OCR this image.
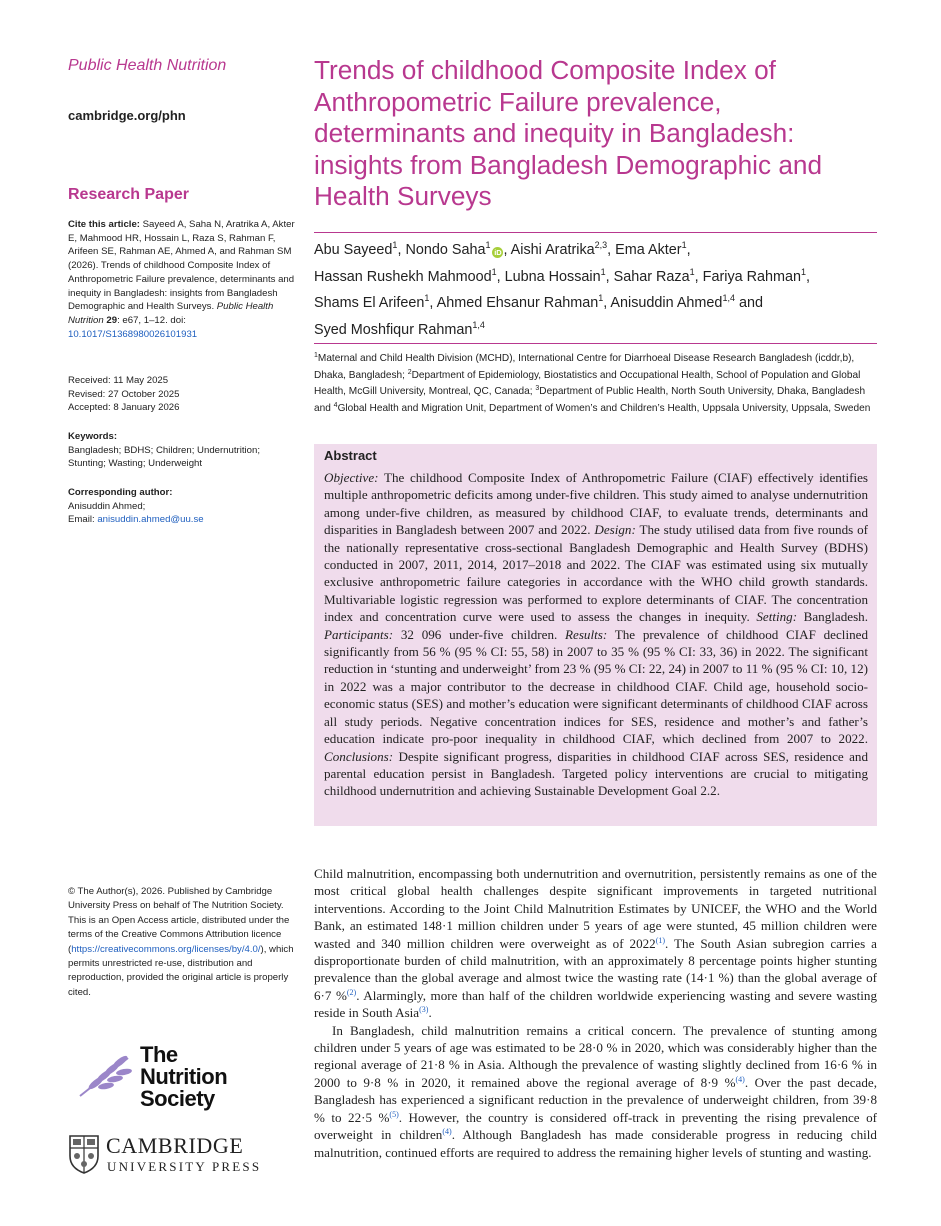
Public Health Nutrition
cambridge.org/phn
Research Paper
Cite this article: Sayeed A, Saha N, Aratrika A, Akter E, Mahmood HR, Hossain L, Raza S, Rahman F, Arifeen SE, Rahman AE, Ahmed A, and Rahman SM (2026). Trends of childhood Composite Index of Anthropometric Failure prevalence, determinants and inequity in Bangladesh: insights from Bangladesh Demographic and Health Surveys. Public Health Nutrition 29: e67, 1–12. doi: 10.1017/S1368980026101931
Received: 11 May 2025
Revised: 27 October 2025
Accepted: 8 January 2026
Keywords:
Bangladesh; BDHS; Children; Undernutrition; Stunting; Wasting; Underweight
Corresponding author:
Anisuddin Ahmed;
Email: anisuddin.ahmed@uu.se
Trends of childhood Composite Index of Anthropometric Failure prevalence, determinants and inequity in Bangladesh: insights from Bangladesh Demographic and Health Surveys
Abu Sayeed$^1$, Nondo Saha$^1$iD , Aishi Aratrika$^{2,3}$, Ema Akter$^1$,
Hassan Rushekh Mahmood$^1$, Lubna Hossain$^1$, Sahar Raza$^1$, Fariya Rahman$^1$,
Shams El Arifeen$^1$, Ahmed Ehsanur Rahman$^1$, Anisuddin Ahmed$^{1,4}$ and
Syed Moshfiqur Rahman$^{1,4}$
$^1$Maternal and Child Health Division (MCHD), International Centre for Diarrhoeal Disease Research Bangladesh (icddr,b), Dhaka, Bangladesh; $^2$Department of Epidemiology, Biostatistics and Occupational Health, School of Population and Global Health, McGill University, Montreal, QC, Canada; $^3$Department of Public Health, North South University, Dhaka, Bangladesh and $^4$Global Health and Migration Unit, Department of Women’s and Children’s Health, Uppsala University, Uppsala, Sweden
Abstract
Objective: The childhood Composite Index of Anthropometric Failure (CIAF) effectively identifies multiple anthropometric deficits among under-five children. This study aimed to analyse undernutrition among under-five children, as measured by childhood CIAF, to evaluate trends, determinants and disparities in Bangladesh between 2007 and 2022. Design: The study utilised data from five rounds of the nationally representative cross-sectional Bangladesh Demographic and Health Survey (BDHS) conducted in 2007, 2011, 2014, 2017–2018 and 2022. The CIAF was estimated using six mutually exclusive anthropometric failure categories in accordance with the WHO child growth standards. Multivariable logistic regression was performed to explore determinants of CIAF. The concentration index and concentration curve were used to assess the changes in inequity. Setting: Bangladesh. Participants: 32 096 under-five children. Results: The prevalence of childhood CIAF declined significantly from 56 % (95 % CI: 55, 58) in 2007 to 35 % (95 % CI: 33, 36) in 2022. The significant reduction in ‘stunting and underweight’ from 23 % (95 % CI: 22, 24) in 2007 to 11 % (95 % CI: 10, 12) in 2022 was a major contributor to the decrease in childhood CIAF. Child age, household socio-economic status (SES) and mother’s education were significant determinants of childhood CIAF across all study periods. Negative concentration indices for SES, residence and mother’s and father’s education indicate pro-poor inequality in childhood CIAF, which declined from 2007 to 2022. Conclusions: Despite significant progress, disparities in childhood CIAF across SES, residence and parental education persist in Bangladesh. Targeted policy interventions are crucial to mitigating childhood undernutrition and achieving Sustainable Development Goal 2.2.

Child malnutrition, encompassing both undernutrition and overnutrition, persistently remains as one of the most critical global health challenges despite significant improvements in targeted nutritional interventions. According to the Joint Child Malnutrition Estimates by UNICEF, the WHO and the World Bank, an estimated 148·1 million children under 5 years of age were stunted, 45 million children were wasted and 340 million children were overweight as of 2022$^{(1)}$. The South Asian subregion carries a disproportionate burden of child malnutrition, with an approximately 8 percentage points higher stunting prevalence than the global average and almost twice the wasting rate (14·1 %) than the global average of 6·7 %$^{(2)}$. Alarmingly, more than half of the children worldwide experiencing wasting and severe wasting reside in South Asia$^{(3)}$.

In Bangladesh, child malnutrition remains a critical concern. The prevalence of stunting among children under 5 years of age was estimated to be 28·0 % in 2020, which was considerably higher than the regional average of 21·8 % in Asia. Although the prevalence of wasting slightly declined from 16·6 % in 2000 to 9·8 % in 2020, it remained above the regional average of 8·9 %$^{(4)}$. Over the past decade, Bangladesh has experienced a significant reduction in the prevalence of underweight children, from 39·8 % to 22·5 %$^{(5)}$. However, the country is considered off-track in preventing the rising prevalence of overweight in children$^{(4)}$. Although Bangladesh has made considerable progress in reducing child malnutrition, continued efforts are required to address the remaining higher levels of stunting and wasting.

© The Author(s), 2026. Published by Cambridge University Press on behalf of The Nutrition Society. This is an Open Access article, distributed under the terms of the Creative Commons Attribution licence (https://creativecommons.org/licenses/by/4.0/), which permits unrestricted re-use, distribution and reproduction, provided the original article is properly cited.
The
Nutrition
Society
CAMBRIDGE
UNIVERSITY PRESS
